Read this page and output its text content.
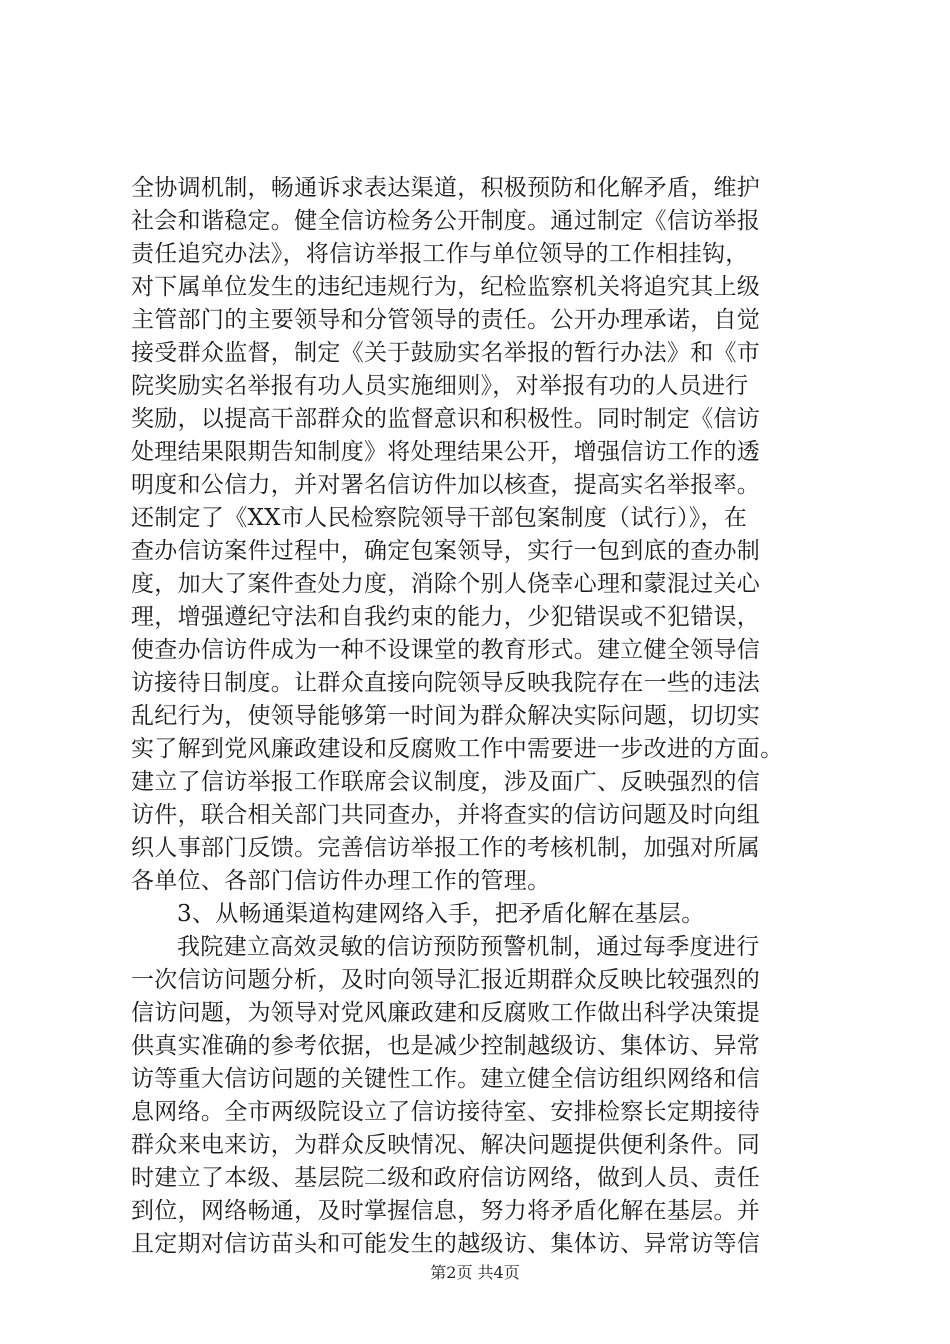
全协调机制，畅通诉求表达渠道，积极预防和化解矛盾，维护
社会和谐稳定。健全信访检务公开制度。通过制定《信访举报
责任追究办法》，将信访举报工作与单位领导的工作相挂钩，
对下属单位发生的违纪违规行为，纪检监察机关将追究其上级
主管部门的主要领导和分管领导的责任。公开办理承诺，自觉
接受群众监督，制定《关于鼓励实名举报的暂行办法》和《市
院奖励实名举报有功人员实施细则》，对举报有功的人员进行
奖励，以提高干部群众的监督意识和积极性。同时制定《信访
处理结果限期告知制度》将处理结果公开，增强信访工作的透
明度和公信力，并对署名信访件加以核查，提高实名举报率。
还制定了《XX市人民检察院领导干部包案制度（试行）》，在
查办信访案件过程中，确定包案领导，实行一包到底的查办制
度，加大了案件查处力度，消除个别人侥幸心理和蒙混过关心
理，增强遵纪守法和自我约束的能力，少犯错误或不犯错误，
使查办信访件成为一种不设课堂的教育形式。建立健全领导信
访接待日制度。让群众直接向院领导反映我院存在一些的违法
乱纪行为，使领导能够第一时间为群众解决实际问题，切切实
实了解到党风廉政建设和反腐败工作中需要进一步改进的方面。
建立了信访举报工作联席会议制度，涉及面广、反映强烈的信
访件，联合相关部门共同查办，并将查实的信访问题及时向组
织人事部门反馈。完善信访举报工作的考核机制，加强对所属
各单位、各部门信访件办理工作的管理。
3、从畅通渠道构建网络入手，把矛盾化解在基层。
我院建立高效灵敏的信访预防预警机制，通过每季度进行
一次信访问题分析，及时向领导汇报近期群众反映比较强烈的
信访问题，为领导对党风廉政建和反腐败工作做出科学决策提
供真实准确的参考依据，也是减少控制越级访、集体访、异常
访等重大信访问题的关键性工作。建立健全信访组织网络和信
息网络。全市两级院设立了信访接待室、安排检察长定期接待
群众来电来访，为群众反映情况、解决问题提供便利条件。同
时建立了本级、基层院二级和政府信访网络，做到人员、责任
到位，网络畅通，及时掌握信息，努力将矛盾化解在基层。并
且定期对信访苗头和可能发生的越级访、集体访、异常访等信
第2页 共4页
